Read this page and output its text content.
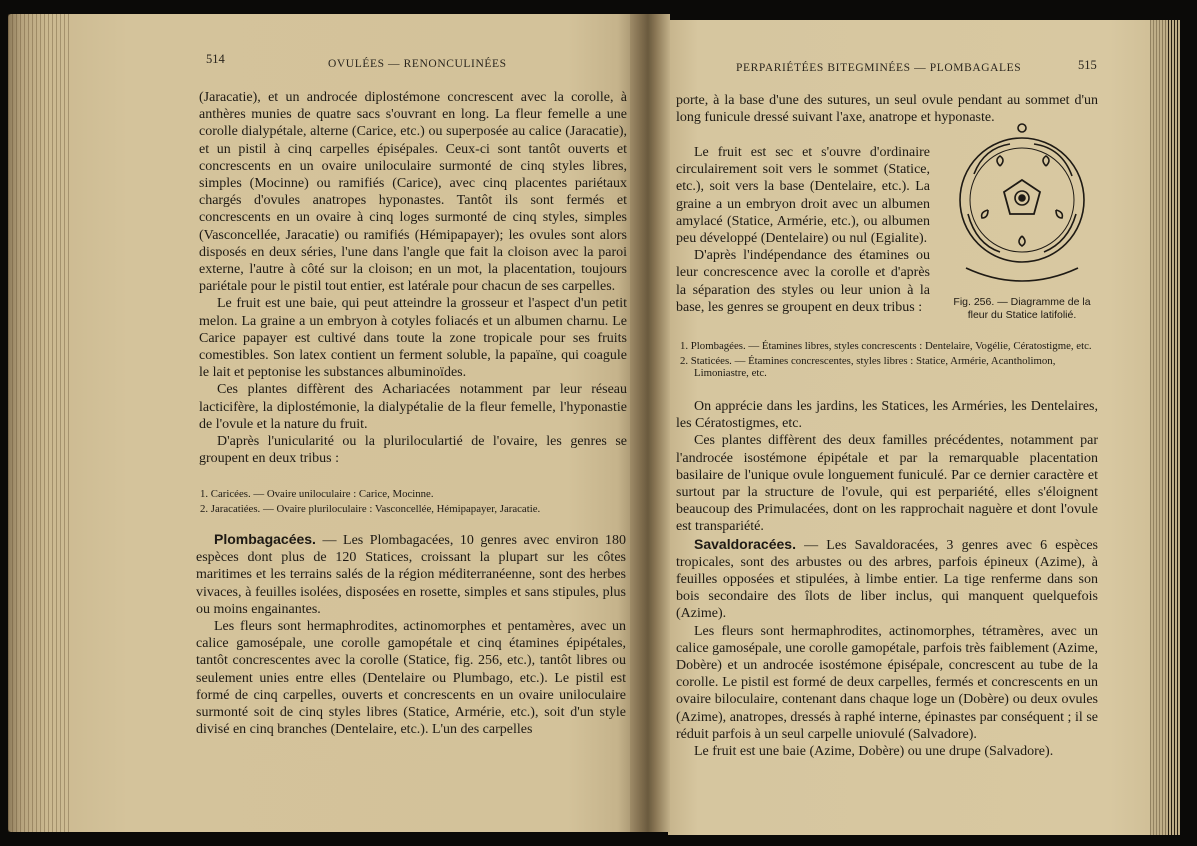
514	OVULÉES — RENONCULINÉES

(Jaracatie), et un androcée diplostémone concrescent avec la corolle, à anthères munies de quatre sacs s'ouvrant en long. La fleur femelle a une corolle dialypétale, alterne (Carice, etc.) ou superposée au calice (Jaracatie), et un pistil à cinq carpelles épisépales. Ceux-ci sont tantôt ouverts et concrescents en un ovaire uniloculaire surmonté de cinq styles libres, simples (Mocinne) ou ramifiés (Carice), avec cinq placentes pariétaux chargés d'ovules anatropes hyponastes. Tantôt ils sont fermés et concrescents en un ovaire à cinq loges surmonté de cinq styles, simples (Vasconcellée, Jaracatie) ou ramifiés (Hémipapayer); les ovules sont alors disposés en deux séries, l'une dans l'angle que fait la cloison avec la paroi externe, l'autre à côté sur la cloison; en un mot, la placentation, toujours pariétale pour le pistil tout entier, est latérale pour chacun de ses carpelles.

Le fruit est une baie, qui peut atteindre la grosseur et l'aspect d'un petit melon. La graine a un embryon à cotyles foliacés et un albumen charnu. Le Carice papayer est cultivé dans toute la zone tropicale pour ses fruits comestibles. Son latex contient un ferment soluble, la papaïne, qui coagule le lait et peptonise les substances albuminoïdes.

Ces plantes diffèrent des Achariacées notamment par leur réseau lacticifère, la diplostémonie, la dialypétalie de la fleur femelle, l'hyponastie de l'ovule et la nature du fruit.

D'après l'unicularité ou la pluriloculartié de l'ovaire, les genres se groupent en deux tribus :

1. Caricées. — Ovaire uniloculaire : Carice, Mocinne.

2. Jaracatiées. — Ovaire pluriloculaire : Vasconcellée, Hémipapayer, Jaracatie.

Plombagacées. — Les Plombagacées, 10 genres avec environ 180 espèces dont plus de 120 Statices, croissant la plupart sur les côtes maritimes et les terrains salés de la région méditerranéenne, sont des herbes vivaces, à feuilles isolées, disposées en rosette, simples et sans stipules, plus ou moins engainantes.

Les fleurs sont hermaphrodites, actinomorphes et pentamères, avec un calice gamosépale, une corolle gamopétale et cinq étamines épipétales, tantôt concrescentes avec la corolle (Statice, fig. 256, etc.), tantôt libres ou seulement unies entre elles (Dentelaire ou Plumbago, etc.). Le pistil est formé de cinq carpelles, ouverts et concrescents en un ovaire uniloculaire surmonté soit de cinq styles libres (Statice, Armérie, etc.), soit d'un style divisé en cinq branches (Dentelaire, etc.). L'un des carpelles

PERPARIÉTÉES BITEGMINÉES — PLOMBAGALES	515

porte, à la base d'une des sutures, un seul ovule pendant au sommet d'un long funicule dressé suivant l'axe, anatrope et hyponaste.

Le fruit est sec et s'ouvre d'ordinaire circulairement soit vers le sommet (Statice, etc.), soit vers la base (Dentelaire, etc.). La graine a un embryon droit avec un albumen amylacé (Statice, Armérie, etc.), ou albumen peu développé (Dentelaire) ou nul (Egialite).

D'après l'indépendance des étamines ou leur concrescence avec la corolle et d'après la séparation des styles ou leur union à la base, les genres se groupent en deux tribus :	Fig. 256. — Diagramme de la fleur du Statice latifolié.

1. Plombagées. — Étamines libres, styles concrescents : Dentelaire, Vogélie, Cératostigme, etc.

2. Staticées. — Étamines concrescentes, styles libres : Statice, Armérie, Acantholimon, Limoniastre, etc.

On apprécie dans les jardins, les Statices, les Arméries, les Dentelaires, les Cératostigmes, etc.

Ces plantes diffèrent des deux familles précédentes, notamment par l'androcée isostémone épipétale et par la remarquable placentation basilaire de l'unique ovule longuement funiculé. Par ce dernier caractère et surtout par la structure de l'ovule, qui est perpariété, elles s'éloignent beaucoup des Primulacées, dont on les rapprochait naguère et dont l'ovule est transpariété.

Savaldoracées. — Les Savaldoracées, 3 genres avec 6 espèces tropicales, sont des arbustes ou des arbres, parfois épineux (Azime), à feuilles opposées et stipulées, à limbe entier. La tige renferme dans son bois secondaire des îlots de liber inclus, qui manquent quelquefois (Azime).

Les fleurs sont hermaphrodites, actinomorphes, tétramères, avec un calice gamosépale, une corolle gamopétale, parfois très faiblement (Azime, Dobère) et un androcée isostémone épisépale, concrescent au tube de la corolle. Le pistil est formé de deux carpelles, fermés et concrescents en un ovaire biloculaire, contenant dans chaque loge un (Dobère) ou deux ovules (Azime), anatropes, dressés à raphé interne, épinastes par conséquent ; il se réduit parfois à un seul carpelle uniovulé (Salvadore).

Le fruit est une baie (Azime, Dobère) ou une drupe (Salvadore).
